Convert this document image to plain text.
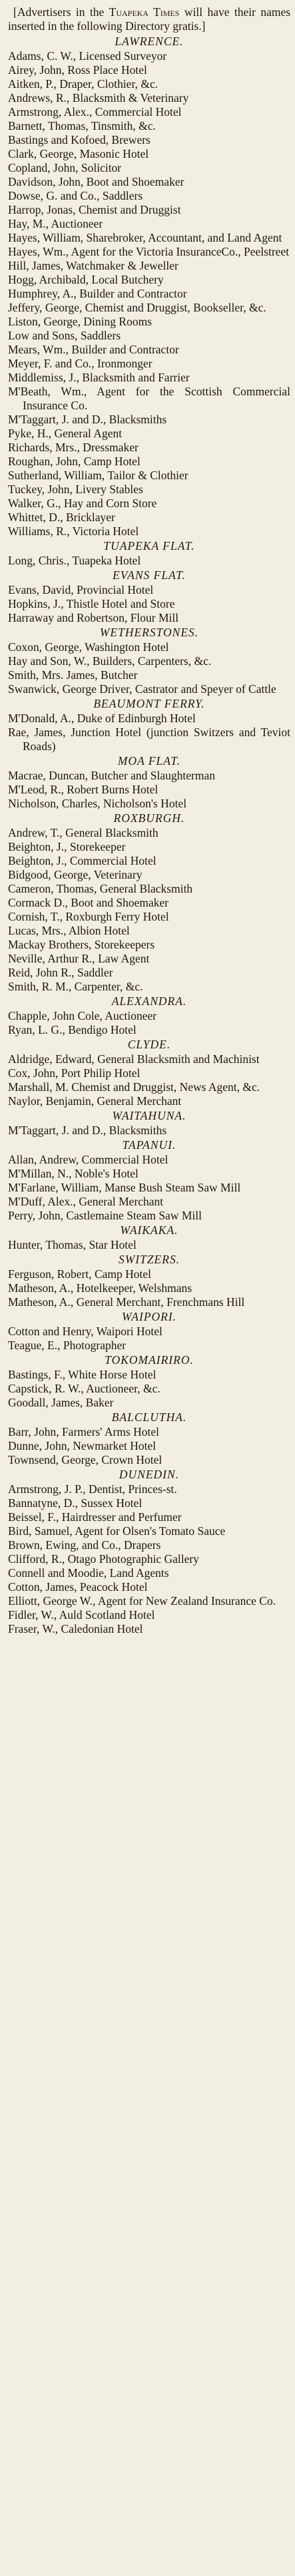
[Advertisers in the Tuapeka Times will have their names inserted in the following Directory gratis.]

LAWRENCE.

Adams, C. W., Licensed Surveyor

Airey, John, Ross Place Hotel

Aitken, P., Draper, Clothier, &c.

Andrews, R., Blacksmith & Veterinary

Armstrong, Alex., Commercial Hotel

Barnett, Thomas, Tinsmith, &c.

Bastings and Kofoed, Brewers

Clark, George, Masonic Hotel

Copland, John, Solicitor

Davidson, John, Boot and Shoemaker

Dowse, G. and Co., Saddlers

Harrop, Jonas, Chemist and Druggist

Hay, M., Auctioneer

Hayes, William, Sharebroker, Accountant, and Land Agent

Hayes, Wm., Agent for the Victoria InsuranceCo., Peelstreet

Hill, James, Watchmaker & Jeweller

Hogg, Archibald, Local Butchery

Humphrey, A., Builder and Contractor

Jeffery, George, Chemist and Druggist, Bookseller, &c.

Liston, George, Dining Rooms

Low and Sons, Saddlers

Mears, Wm., Builder and Contractor

Meyer, F. and Co., Ironmonger

Middlemiss, J., Blacksmith and Farrier

M'Beath, Wm., Agent for the Scottish Commercial Insurance Co.

M'Taggart, J. and D., Blacksmiths

Pyke, H., General Agent

Richards, Mrs., Dressmaker

Roughan, John, Camp Hotel

Sutherland, William, Tailor & Clothier

Tuckey, John, Livery Stables

Walker, G., Hay and Corn Store

Whittet, D., Bricklayer

Williams, R., Victoria Hotel

TUAPEKA FLAT.

Long, Chris., Tuapeka Hotel

EVANS FLAT.

Evans, David, Provincial Hotel

Hopkins, J., Thistle Hotel and Store

Harraway and Robertson, Flour Mill

WETHERSTONES.

Coxon, George, Washington Hotel

Hay and Son, W., Builders, Carpenters, &c.

Smith, Mrs. James, Butcher

Swanwick, George Driver, Castrator and Speyer of Cattle

BEAUMONT FERRY.

M'Donald, A., Duke of Edinburgh Hotel

Rae, James, Junction Hotel (junction Switzers and Teviot Roads)

MOA FLAT.

Macrae, Duncan, Butcher and Slaughterman

M'Leod, R., Robert Burns Hotel

Nicholson, Charles, Nicholson's Hotel

ROXBURGH.

Andrew, T., General Blacksmith

Beighton, J., Storekeeper

Beighton, J., Commercial Hotel

Bidgood, George, Veterinary

Cameron, Thomas, General Blacksmith

Cormack D., Boot and Shoemaker

Cornish, T., Roxburgh Ferry Hotel

Lucas, Mrs., Albion Hotel

Mackay Brothers, Storekeepers

Neville, Arthur R., Law Agent

Reid, John R., Saddler

Smith, R. M., Carpenter, &c.

ALEXANDRA.

Chapple, John Cole, Auctioneer

Ryan, L. G., Bendigo Hotel

CLYDE.

Aldridge, Edward, General Blacksmith and Machinist

Cox, John, Port Philip Hotel

Marshall, M. Chemist and Druggist, News Agent, &c.

Naylor, Benjamin, General Merchant

WAITAHUNA.

M'Taggart, J. and D., Blacksmiths

TAPANUI.

Allan, Andrew, Commercial Hotel

M'Millan, N., Noble's Hotel

M'Farlane, William, Manse Bush Steam Saw Mill

M'Duff, Alex., General Merchant

Perry, John, Castlemaine Steam Saw Mill

WAIKAKA.

Hunter, Thomas, Star Hotel

SWITZERS.

Ferguson, Robert, Camp Hotel

Matheson, A., Hotelkeeper, Welshmans

Matheson, A., General Merchant, Frenchmans Hill

WAIPORI.

Cotton and Henry, Waipori Hotel

Teague, E., Photographer

TOKOMAIRIRO.

Bastings, F., White Horse Hotel

Capstick, R. W., Auctioneer, &c.

Goodall, James, Baker

BALCLUTHA.

Barr, John, Farmers' Arms Hotel

Dunne, John, Newmarket Hotel

Townsend, George, Crown Hotel

DUNEDIN.

Armstrong, J. P., Dentist, Princes-st.

Bannatyne, D., Sussex Hotel

Beissel, F., Hairdresser and Perfumer

Bird, Samuel, Agent for Olsen's Tomato Sauce

Brown, Ewing, and Co., Drapers

Clifford, R., Otago Photographic Gallery

Connell and Moodie, Land Agents

Cotton, James, Peacock Hotel

Elliott, George W., Agent for New Zealand Insurance Co.

Fidler, W., Auld Scotland Hotel

Fraser, W., Caledonian Hotel
